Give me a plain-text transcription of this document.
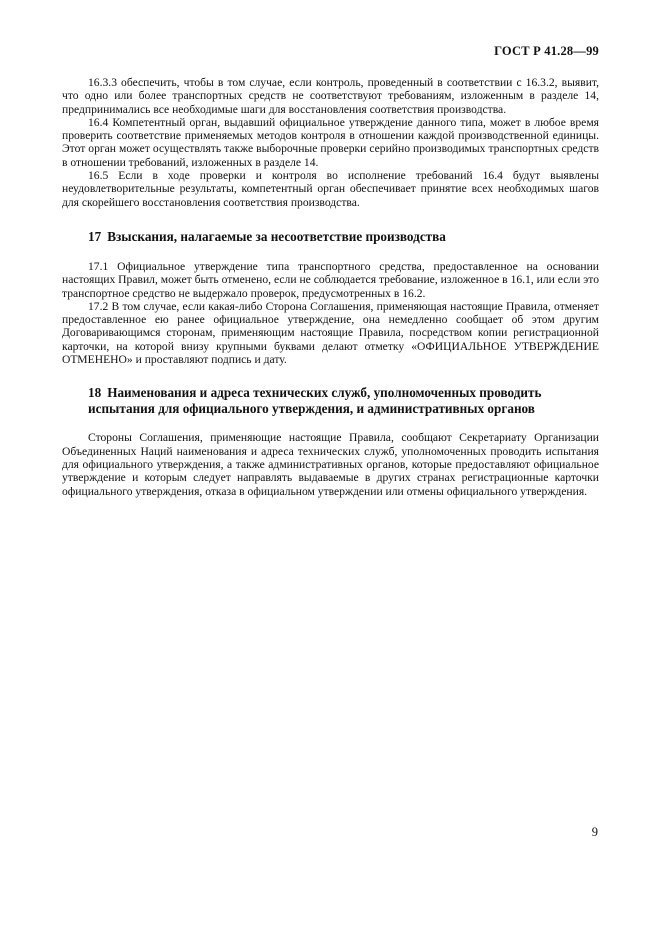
ГОСТ Р 41.28—99

16.3.3 обеспечить, чтобы в том случае, если контроль, проведенный в соответствии с 16.3.2, выявит, что одно или более транспортных средств не соответствуют требованиям, изложенным в разделе 14, предпринимались все необходимые шаги для восстановления соответствия производства.

16.4 Компетентный орган, выдавший официальное утверждение данного типа, может в любое время проверить соответствие применяемых методов контроля в отношении каждой производственной единицы. Этот орган может осуществлять также выборочные проверки серийно производимых транспортных средств в отношении требований, изложенных в разделе 14.

16.5 Если в ходе проверки и контроля во исполнение требований 16.4 будут выявлены неудовлетворительные результаты, компетентный орган обеспечивает принятие всех необходимых шагов для скорейшего восстановления соответствия производства.

17 Взыскания, налагаемые за несоответствие производства

17.1 Официальное утверждение типа транспортного средства, предоставленное на основании настоящих Правил, может быть отменено, если не соблюдается требование, изложенное в 16.1, или если это транспортное средство не выдержало проверок, предусмотренных в 16.2.

17.2 В том случае, если какая-либо Сторона Соглашения, применяющая настоящие Правила, отменяет предоставленное ею ранее официальное утверждение, она немедленно сообщает об этом другим Договаривающимся сторонам, применяющим настоящие Правила, посредством копии регистрационной карточки, на которой внизу крупными буквами делают отметку «ОФИЦИАЛЬНОЕ УТВЕРЖДЕНИЕ ОТМЕНЕНО» и проставляют подпись и дату.

18 Наименования и адреса технических служб, уполномоченных проводить
испытания для официального утверждения, и административных органов

Стороны Соглашения, применяющие настоящие Правила, сообщают Секретариату Организации Объединенных Наций наименования и адреса технических служб, уполномоченных проводить испытания для официального утверждения, а также административных органов, которые предоставляют официальное утверждение и которым следует направлять выдаваемые в других странах регистрационные карточки официального утверждения, отказа в официальном утверждении или отмены официального утверждения.

9
